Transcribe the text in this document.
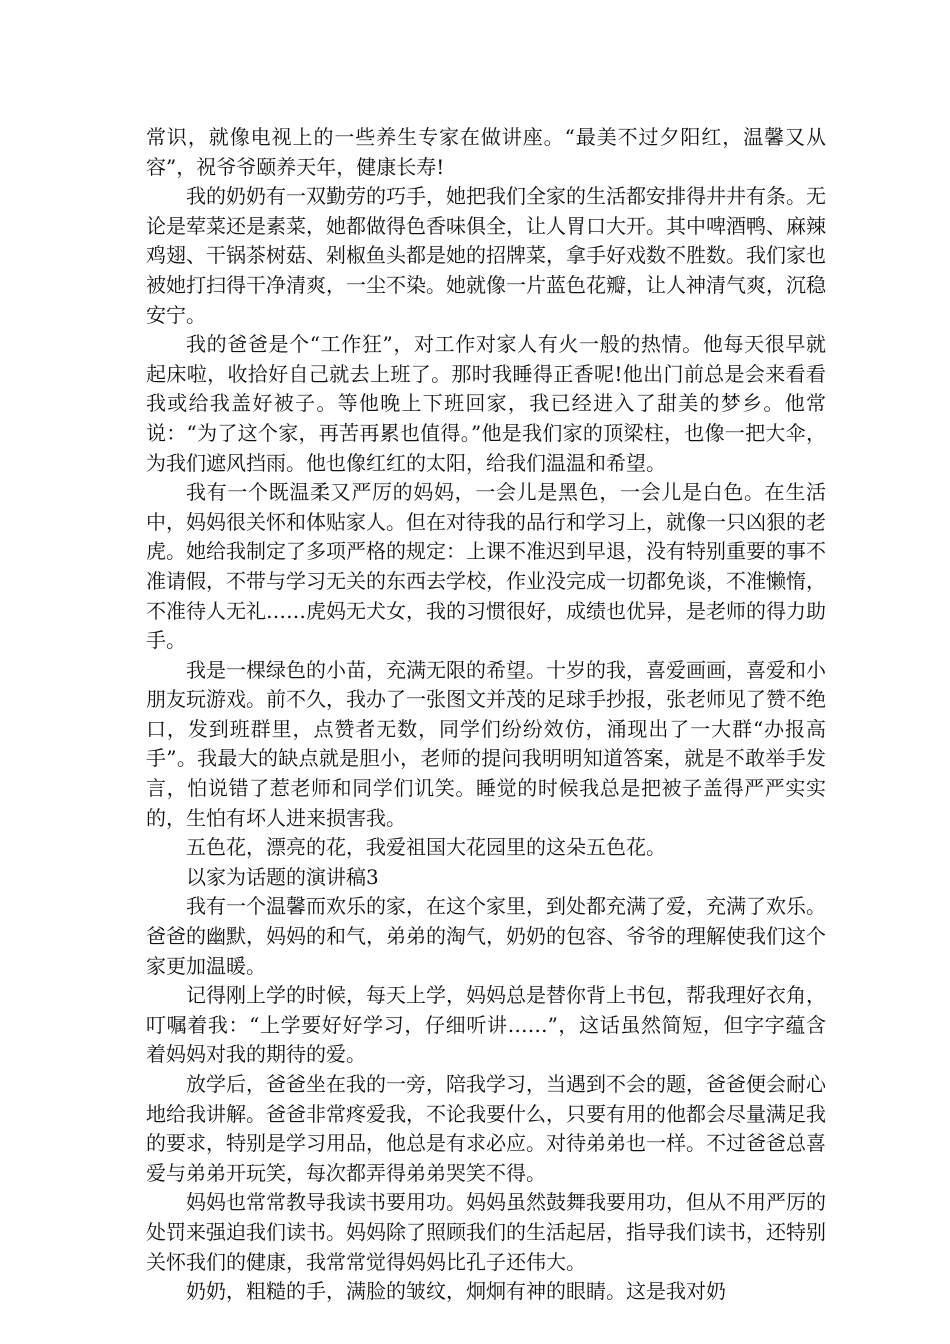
常识，就像电视上的一些养生专家在做讲座。“最美不过夕阳红，温馨又从容”，祝爷爷颐养天年，健康长寿!

我的奶奶有一双勤劳的巧手，她把我们全家的生活都安排得井井有条。无论是荤菜还是素菜，她都做得色香味俱全，让人胃口大开。其中啤酒鸭、麻辣鸡翅、干锅茶树菇、剁椒鱼头都是她的招牌菜，拿手好戏数不胜数。我们家也被她打扫得干净清爽，一尘不染。她就像一片蓝色花瓣，让人神清气爽，沉稳安宁。

我的爸爸是个“工作狂”，对工作对家人有火一般的热情。他每天很早就起床啦，收拾好自己就去上班了。那时我睡得正香呢!他出门前总是会来看看我或给我盖好被子。等他晚上下班回家，我已经进入了甜美的梦乡。他常说：“为了这个家，再苦再累也值得。”他是我们家的顶梁柱，也像一把大伞，为我们遮风挡雨。他也像红红的太阳，给我们温温和希望。

我有一个既温柔又严厉的妈妈，一会儿是黑色，一会儿是白色。在生活中，妈妈很关怀和体贴家人。但在对待我的品行和学习上，就像一只凶狠的老虎。她给我制定了多项严格的规定：上课不准迟到早退，没有特别重要的事不准请假，不带与学习无关的东西去学校，作业没完成一切都免谈，不准懒惰，不准待人无礼……虎妈无犬女，我的习惯很好，成绩也优异，是老师的得力助手。

我是一棵绿色的小苗，充满无限的希望。十岁的我，喜爱画画，喜爱和小朋友玩游戏。前不久，我办了一张图文并茂的足球手抄报，张老师见了赞不绝口，发到班群里，点赞者无数，同学们纷纷效仿，涌现出了一大群“办报高手”。我最大的缺点就是胆小，老师的提问我明明知道答案，就是不敢举手发言，怕说错了惹老师和同学们讥笑。睡觉的时候我总是把被子盖得严严实实的，生怕有坏人进来损害我。

五色花，漂亮的花，我爱祖国大花园里的这朵五色花。

以家为话题的演讲稿3

我有一个温馨而欢乐的家，在这个家里，到处都充满了爱，充满了欢乐。爸爸的幽默，妈妈的和气，弟弟的淘气，奶奶的包容、爷爷的理解使我们这个家更加温暖。

记得刚上学的时候，每天上学，妈妈总是替你背上书包，帮我理好衣角，叮嘱着我：“上学要好好学习，仔细听讲……”，这话虽然简短，但字字蕴含着妈妈对我的期待的爱。

放学后，爸爸坐在我的一旁，陪我学习，当遇到不会的题，爸爸便会耐心地给我讲解。爸爸非常疼爱我，不论我要什么，只要有用的他都会尽量满足我的要求，特别是学习用品，他总是有求必应。对待弟弟也一样。不过爸爸总喜爱与弟弟开玩笑，每次都弄得弟弟哭笑不得。

妈妈也常常教导我读书要用功。妈妈虽然鼓舞我要用功，但从不用严厉的处罚来强迫我们读书。妈妈除了照顾我们的生活起居，指导我们读书，还特别关怀我们的健康，我常常觉得妈妈比孔子还伟大。

奶奶，粗糙的手，满脸的皱纹，炯炯有神的眼睛。这是我对奶
